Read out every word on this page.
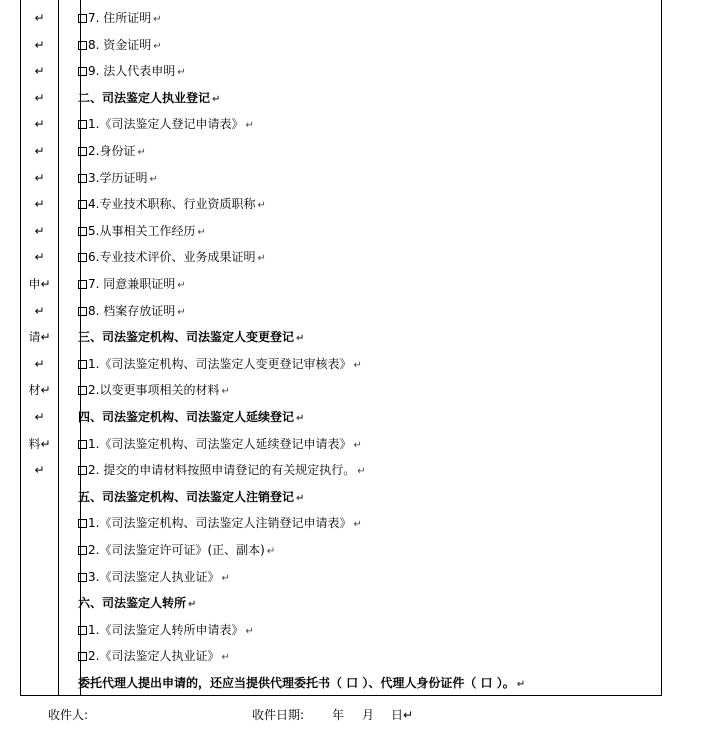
↵
↵
↵
↵
↵
↵
↵
↵
↵
↵
申↵
↵
请↵
↵
材↵
↵
料↵
↵
7. 住所证明 ↵
8. 资金证明 ↵
9. 法人代表申明 ↵
二、司法鉴定人执业登记 ↵
1.《司法鉴定人登记申请表》 ↵
2.身份证 ↵
3.学历证明 ↵
4.专业技术职称、行业资质职称 ↵
5.从事相关工作经历 ↵
6.专业技术评价、业务成果证明 ↵
7. 同意兼职证明 ↵
8. 档案存放证明 ↵
三、司法鉴定机构、司法鉴定人变更登记 ↵
1.《司法鉴定机构、司法鉴定人变更登记审核表》 ↵
2.以变更事项相关的材料 ↵
四、司法鉴定机构、司法鉴定人延续登记 ↵
1.《司法鉴定机构、司法鉴定人延续登记申请表》 ↵
2. 提交的申请材料按照申请登记的有关规定执行。 ↵
五、司法鉴定机构、司法鉴定人注销登记 ↵
1.《司法鉴定机构、司法鉴定人注销登记申请表》 ↵
2.《司法鉴定许可证》(正、副本) ↵
3.《司法鉴定人执业证》 ↵
六、司法鉴定人转所 ↵
1.《司法鉴定人转所申请表》 ↵
2.《司法鉴定人执业证》 ↵
委托代理人提出申请的，还应当提供代理委托书（ 口 ）、代理人身份证件（ 口 ）。 ↵
收件人:	收件日期: 年 月 日↵
